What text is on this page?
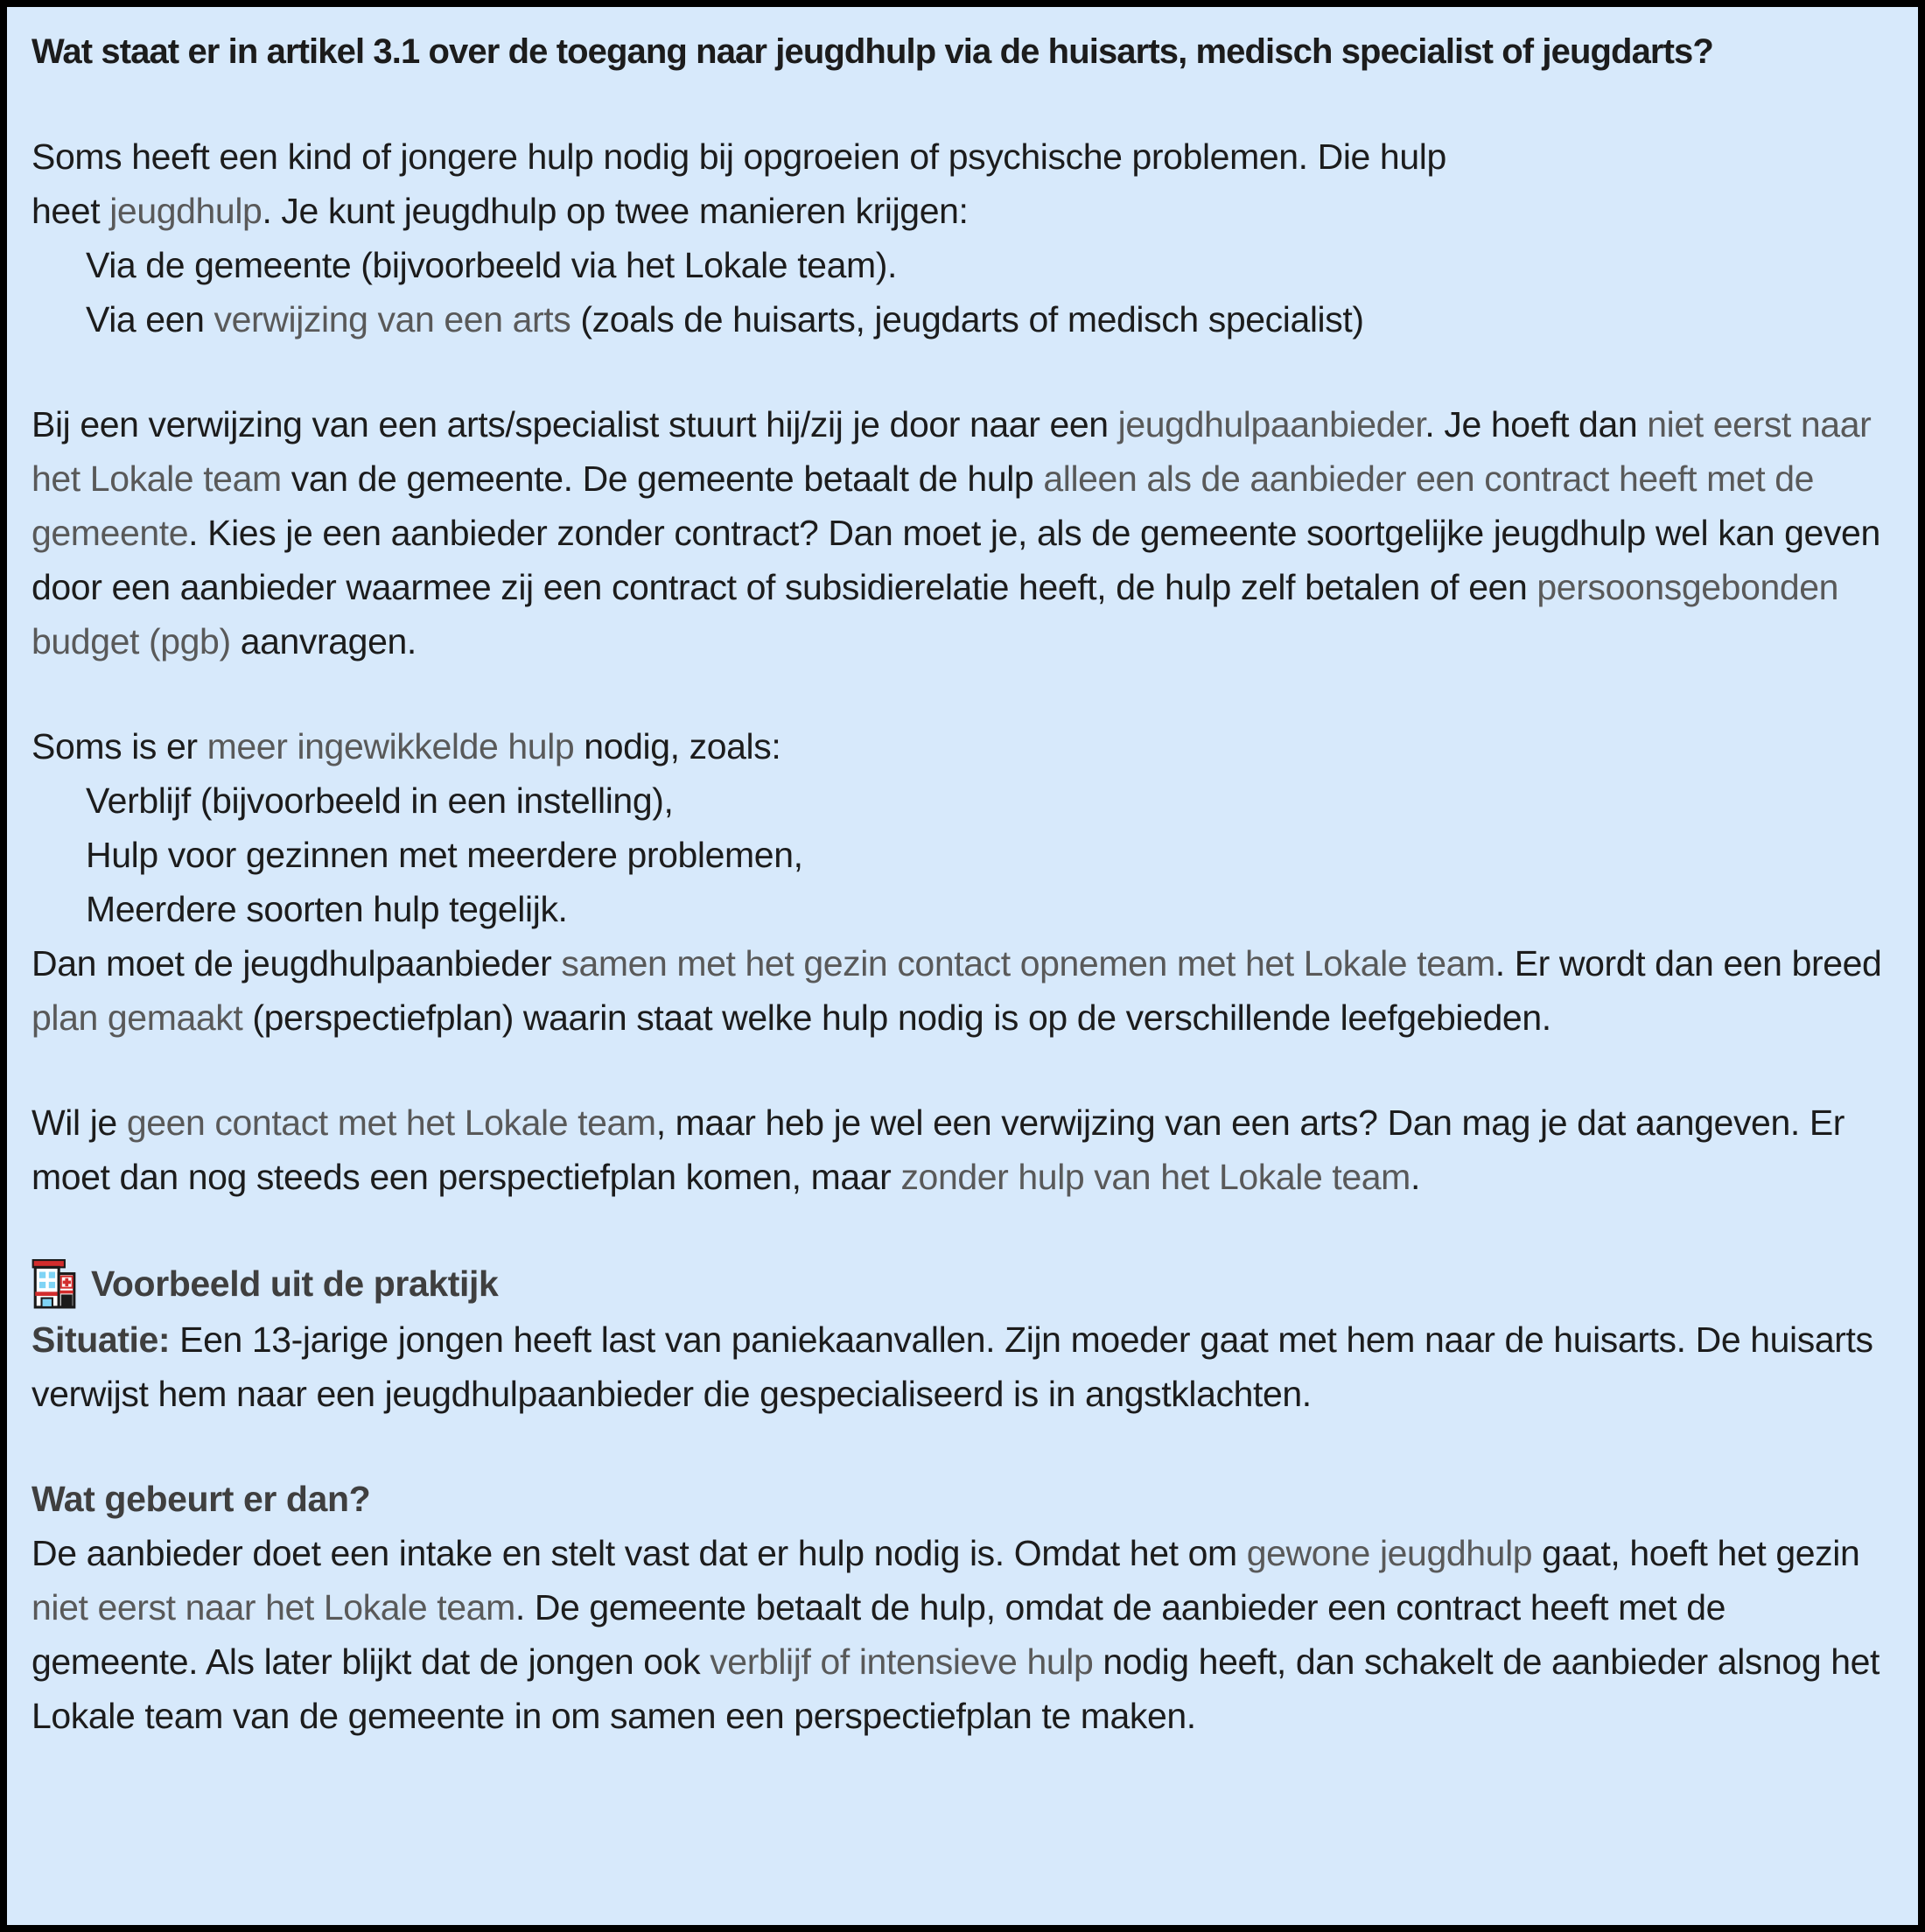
Wat staat er in artikel 3.1 over de toegang naar jeugdhulp via de huisarts, medisch specialist of jeugdarts?

Soms heeft een kind of jongere hulp nodig bij opgroeien of psychische problemen. Die hulp
heet jeugdhulp. Je kunt jeugdhulp op twee manieren krijgen:

Via de gemeente (bijvoorbeeld via het Lokale team).

Via een verwijzing van een arts (zoals de huisarts, jeugdarts of medisch specialist)

Bij een verwijzing van een arts/specialist stuurt hij/zij je door naar een jeugdhulpaanbieder. Je hoeft dan niet eerst naar het Lokale team van de gemeente. De gemeente betaalt de hulp alleen als de aanbieder een contract heeft met de gemeente. Kies je een aanbieder zonder contract? Dan moet je, als de gemeente soortgelijke jeugdhulp wel kan geven door een aanbieder waarmee zij een contract of subsidierelatie heeft, de hulp zelf betalen of een persoonsgebonden budget (pgb) aanvragen.

Soms is er meer ingewikkelde hulp nodig, zoals:

Verblijf (bijvoorbeeld in een instelling),

Hulp voor gezinnen met meerdere problemen,

Meerdere soorten hulp tegelijk.

Dan moet de jeugdhulpaanbieder samen met het gezin contact opnemen met het Lokale team. Er wordt dan een breed plan gemaakt (perspectiefplan) waarin staat welke hulp nodig is op de verschillende leefgebieden.

Wil je geen contact met het Lokale team, maar heb je wel een verwijzing van een arts? Dan mag je dat aangeven. Er moet dan nog steeds een perspectiefplan komen, maar zonder hulp van het Lokale team.

Voorbeeld uit de praktijk

Situatie: Een 13-jarige jongen heeft last van paniekaanvallen. Zijn moeder gaat met hem naar de huisarts. De huisarts verwijst hem naar een jeugdhulpaanbieder die gespecialiseerd is in angstklachten.

Wat gebeurt er dan?

De aanbieder doet een intake en stelt vast dat er hulp nodig is. Omdat het om gewone jeugdhulp gaat, hoeft het gezin niet eerst naar het Lokale team. De gemeente betaalt de hulp, omdat de aanbieder een contract heeft met de gemeente. Als later blijkt dat de jongen ook verblijf of intensieve hulp nodig heeft, dan schakelt de aanbieder alsnog het Lokale team van de gemeente in om samen een perspectiefplan te maken.
